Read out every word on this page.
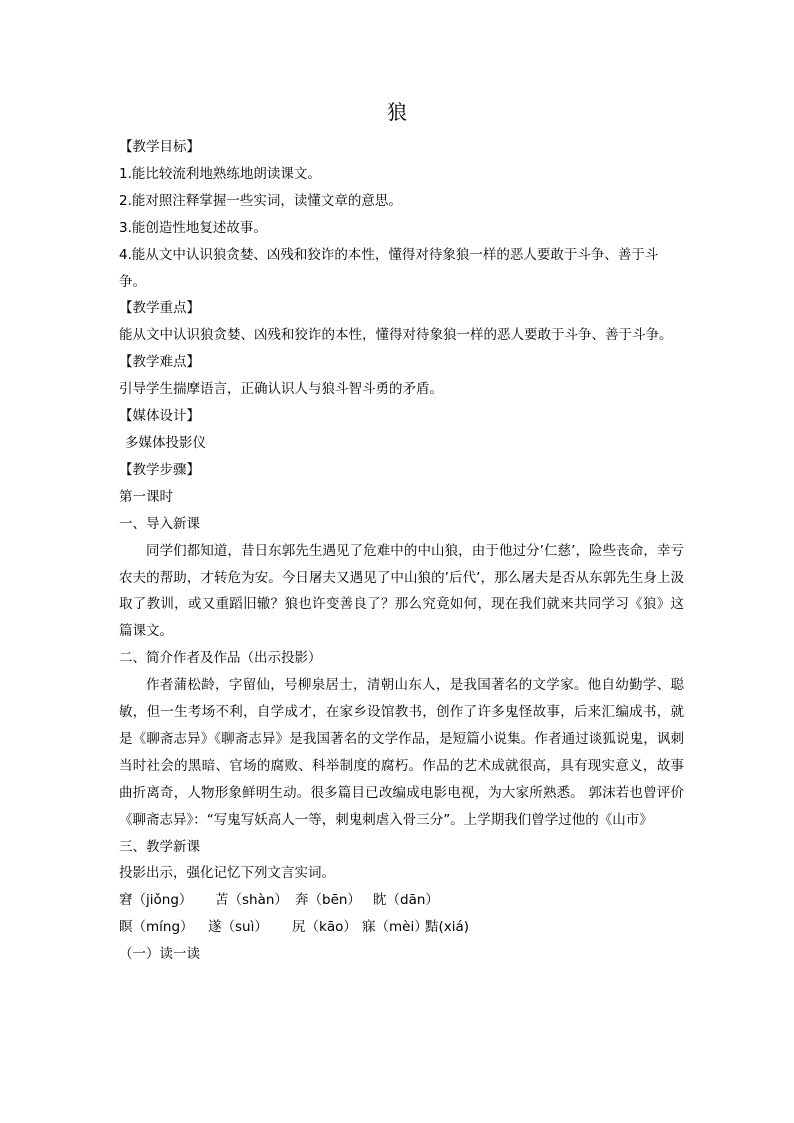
狼
【教学目标】
1.能比较流利地熟练地朗读课文。
2.能对照注释掌握一些实词，读懂文章的意思。
3.能创造性地复述故事。
4.能从文中认识狼贪婪、凶残和狡诈的本性，懂得对待象狼一样的恶人要敢于斗争、善于斗
争。
【教学重点】
能从文中认识狼贪婪、凶残和狡诈的本性，懂得对待象狼一样的恶人要敢于斗争、善于斗争。
【教学难点】
引导学生揣摩语言，正确认识人与狼斗智斗勇的矛盾。
【媒体设计】
多媒体投影仪
【教学步骤】
第一课时
一、导入新课
同学们都知道，昔日东郭先生遇见了危难中的中山狼，由于他过分’仁慈’，险些丧命，幸亏农夫的帮助，才转危为安。今日屠夫又遇见了中山狼的’后代’，那么屠夫是否从东郭先生身上汲取了教训，或又重蹈旧辙？狼也许变善良了？那么究竟如何，现在我们就来共同学习《狼》这篇课文。
二、简介作者及作品（出示投影）
作者蒲松龄，字留仙，号柳泉居士，清朝山东人，是我国著名的文学家。他自幼勤学、聪敏，但一生考场不利，自学成才，在家乡设馆教书，创作了许多鬼怪故事，后来汇编成书，就是《聊斋志异》《聊斋志异》是我国著名的文学作品，是短篇小说集。作者通过谈狐说鬼，讽刺当时社会的黑暗、官场的腐败、科举制度的腐朽。作品的艺术成就很高，具有现实意义，故事曲折离奇，人物形象鲜明生动。很多篇目已改编成电影电视，为大家所熟悉。 郭沫若也曾评价《聊斋志异》：“写鬼写妖高人一等，刺鬼刺虐入骨三分”。上学期我们曾学过他的《山市》
三、教学新课
投影出示，强化记忆下列文言实词。
窘（jiǒng） 苫（shàn） 奔（bēn） 眈（dān）
瞑（míng） 遂（suì） 尻（kāo） 寐（mèi）黠(xiá)
（一）读一读
